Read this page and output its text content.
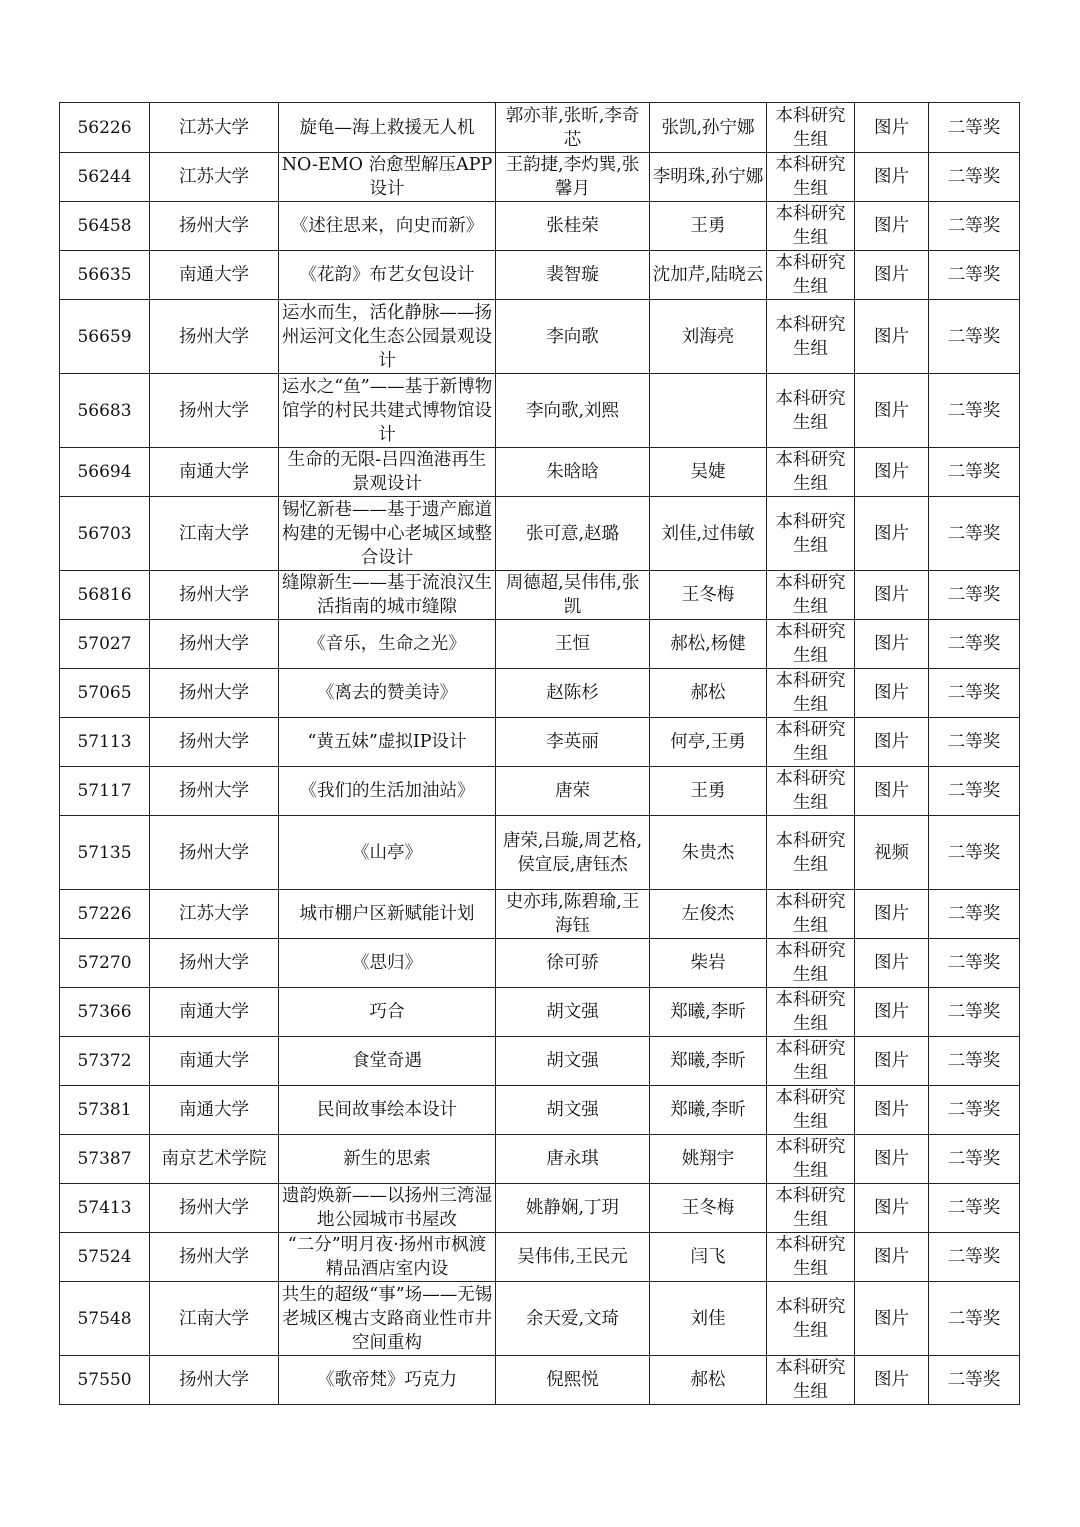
56226	江苏大学	旋龟—海上救援无人机	郭亦菲,张昕,李奇芯	张凯,孙宁娜	本科研究生组	图片	二等奖

56244	江苏大学	NO-EMO 治愈型解压APP设计	王韵捷,李灼巽,张馨月	李明珠,孙宁娜	本科研究生组	图片	二等奖

56458	扬州大学	《述往思来，向史而新》	张桂荣	王勇	本科研究生组	图片	二等奖

56635	南通大学	《花韵》布艺女包设计	裴智璇	沈加芹,陆晓云	本科研究生组	图片	二等奖

56659	扬州大学	运水而生，活化静脉——扬州运河文化生态公园景观设计	李向歌	刘海亮	本科研究生组	图片	二等奖

56683	扬州大学	运水之“鱼”——基于新博物馆学的村民共建式博物馆设计	李向歌,刘熙		本科研究生组	图片	二等奖

56694	南通大学	生命的无限-吕四渔港再生景观设计	朱晗晗	吴婕	本科研究生组	图片	二等奖

56703	江南大学	锡忆新巷——基于遗产廊道构建的无锡中心老城区域整合设计	张可意,赵璐	刘佳,过伟敏	本科研究生组	图片	二等奖

56816	扬州大学	缝隙新生——基于流浪汉生活指南的城市缝隙	周德超,吴伟伟,张凯	王冬梅	本科研究生组	图片	二等奖

57027	扬州大学	《音乐，生命之光》	王恒	郝松,杨健	本科研究生组	图片	二等奖

57065	扬州大学	《离去的赞美诗》	赵陈杉	郝松	本科研究生组	图片	二等奖

57113	扬州大学	“黄五妹”虚拟IP设计	李英丽	何亭,王勇	本科研究生组	图片	二等奖

57117	扬州大学	《我们的生活加油站》	唐荣	王勇	本科研究生组	图片	二等奖

57135	扬州大学	《山亭》	唐荣,吕璇,周艺格,侯宣辰,唐钰杰	朱贵杰	本科研究生组	视频	二等奖

57226	江苏大学	城市棚户区新赋能计划	史亦玮,陈碧瑜,王海钰	左俊杰	本科研究生组	图片	二等奖

57270	扬州大学	《思归》	徐可骄	柴岩	本科研究生组	图片	二等奖

57366	南通大学	巧合	胡文强	郑曦,李昕	本科研究生组	图片	二等奖

57372	南通大学	食堂奇遇	胡文强	郑曦,李昕	本科研究生组	图片	二等奖

57381	南通大学	民间故事绘本设计	胡文强	郑曦,李昕	本科研究生组	图片	二等奖

57387	南京艺术学院	新生的思索	唐永琪	姚翔宇	本科研究生组	图片	二等奖

57413	扬州大学	遗韵焕新——以扬州三湾湿地公园城市书屋改	姚静娴,丁玥	王冬梅	本科研究生组	图片	二等奖

57524	扬州大学	“二分”明月夜·扬州市枫渡精品酒店室内设	吴伟伟,王民元	闫飞	本科研究生组	图片	二等奖

57548	江南大学	共生的超级“事”场——无锡老城区槐古支路商业性市井空间重构	余天爱,文琦	刘佳	本科研究生组	图片	二等奖

57550	扬州大学	《歌帝梵》巧克力	倪熙悦	郝松	本科研究生组	图片	二等奖
